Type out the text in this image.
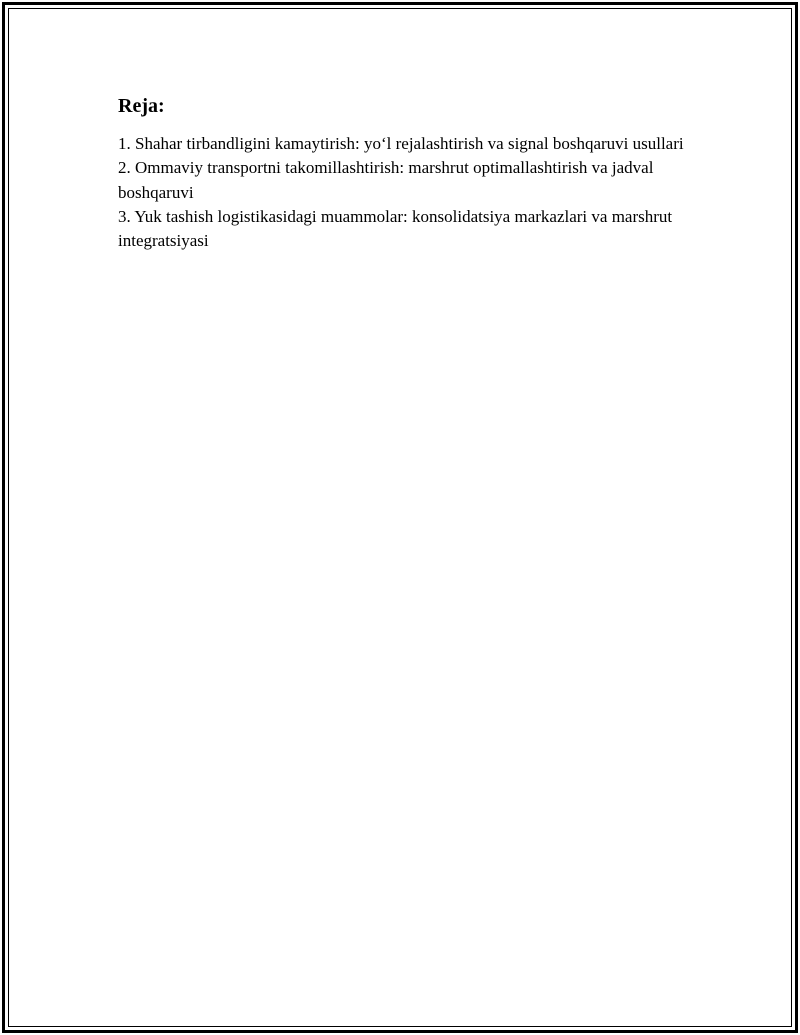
Reja:
1. Shahar tirbandligini kamaytirish: yo‘l rejalashtirish va signal boshqaruvi usullari
2. Ommaviy transportni takomillashtirish: marshrut optimallashtirish va jadval boshqaruvi
3. Yuk tashish logistikasidagi muammolar: konsolidatsiya markazlari va marshrut integratsiyasi
